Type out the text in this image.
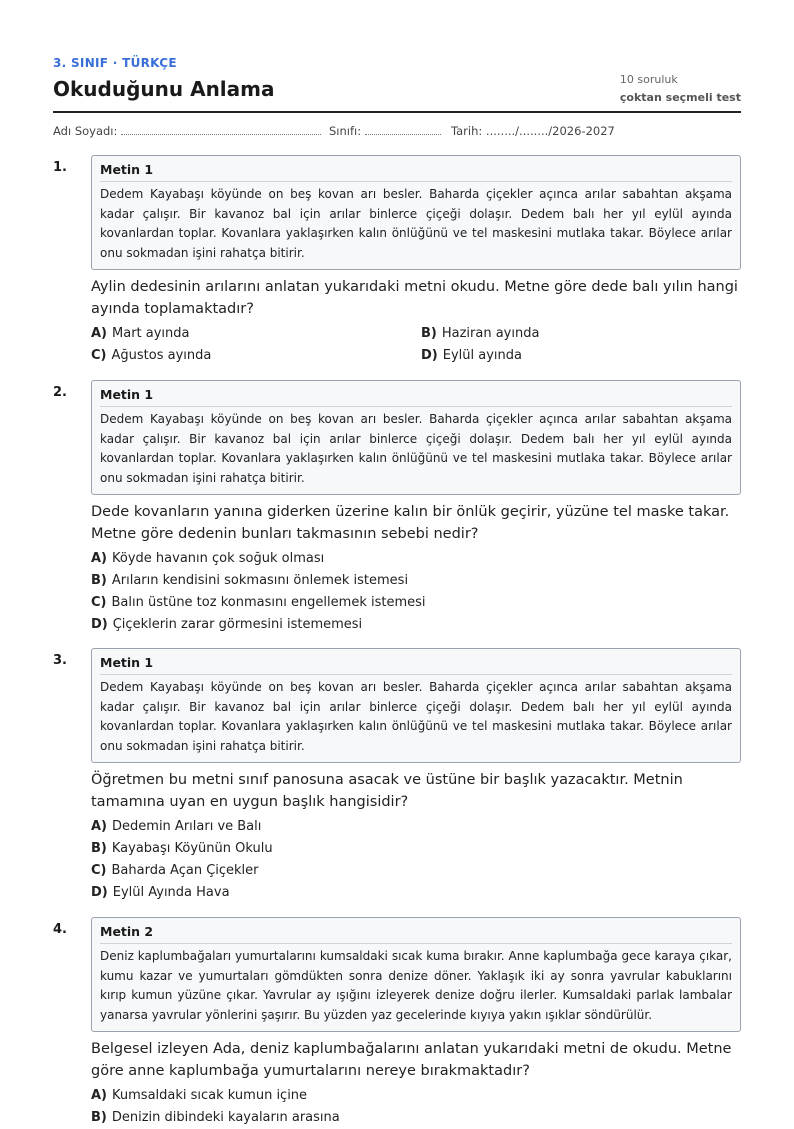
3. SINIF · TÜRKÇE
Okuduğunu Anlama	10 soruluk
çoktan seçmeli test
Adı Soyadı:	Sınıfı:	Tarih: ......../......../2026-2027
1.	Metin 1
Dedem Kayabaşı köyünde on beş kovan arı besler. Baharda çiçekler açınca arılar sabahtan akşama kadar çalışır. Bir kavanoz bal için arılar binlerce çiçeği dolaşır. Dedem balı her yıl eylül ayında kovanlardan toplar. Kovanlara yaklaşırken kalın önlüğünü ve tel maskesini mutlaka takar. Böylece arılar onu sokmadan işini rahatça bitirir.
Aylin dedesinin arılarını anlatan yukarıdaki metni okudu. Metne göre dede balı yılın hangi ayında toplamaktadır?
A) Mart ayında	B) Haziran ayında
C) Ağustos ayında	D) Eylül ayında
2.	Metin 1
Dedem Kayabaşı köyünde on beş kovan arı besler. Baharda çiçekler açınca arılar sabahtan akşama kadar çalışır. Bir kavanoz bal için arılar binlerce çiçeği dolaşır. Dedem balı her yıl eylül ayında kovanlardan toplar. Kovanlara yaklaşırken kalın önlüğünü ve tel maskesini mutlaka takar. Böylece arılar onu sokmadan işini rahatça bitirir.
Dede kovanların yanına giderken üzerine kalın bir önlük geçirir, yüzüne tel maske takar. Metne göre dedenin bunları takmasının sebebi nedir?
A) Köyde havanın çok soğuk olması
B) Arıların kendisini sokmasını önlemek istemesi
C) Balın üstüne toz konmasını engellemek istemesi
D) Çiçeklerin zarar görmesini istememesi
3.	Metin 1
Dedem Kayabaşı köyünde on beş kovan arı besler. Baharda çiçekler açınca arılar sabahtan akşama kadar çalışır. Bir kavanoz bal için arılar binlerce çiçeği dolaşır. Dedem balı her yıl eylül ayında kovanlardan toplar. Kovanlara yaklaşırken kalın önlüğünü ve tel maskesini mutlaka takar. Böylece arılar onu sokmadan işini rahatça bitirir.
Öğretmen bu metni sınıf panosuna asacak ve üstüne bir başlık yazacaktır. Metnin tamamına uyan en uygun başlık hangisidir?
A) Dedemin Arıları ve Balı
B) Kayabaşı Köyünün Okulu
C) Baharda Açan Çiçekler
D) Eylül Ayında Hava
4.	Metin 2
Deniz kaplumbağaları yumurtalarını kumsaldaki sıcak kuma bırakır. Anne kaplumbağa gece karaya çıkar, kumu kazar ve yumurtaları gömdükten sonra denize döner. Yaklaşık iki ay sonra yavrular kabuklarını kırıp kumun yüzüne çıkar. Yavrular ay ışığını izleyerek denize doğru ilerler. Kumsaldaki parlak lambalar yanarsa yavrular yönlerini şaşırır. Bu yüzden yaz gecelerinde kıyıya yakın ışıklar söndürülür.
Belgesel izleyen Ada, deniz kaplumbağalarını anlatan yukarıdaki metni de okudu. Metne göre anne kaplumbağa yumurtalarını nereye bırakmaktadır?
A) Kumsaldaki sıcak kumun içine
B) Denizin dibindeki kayaların arasına
